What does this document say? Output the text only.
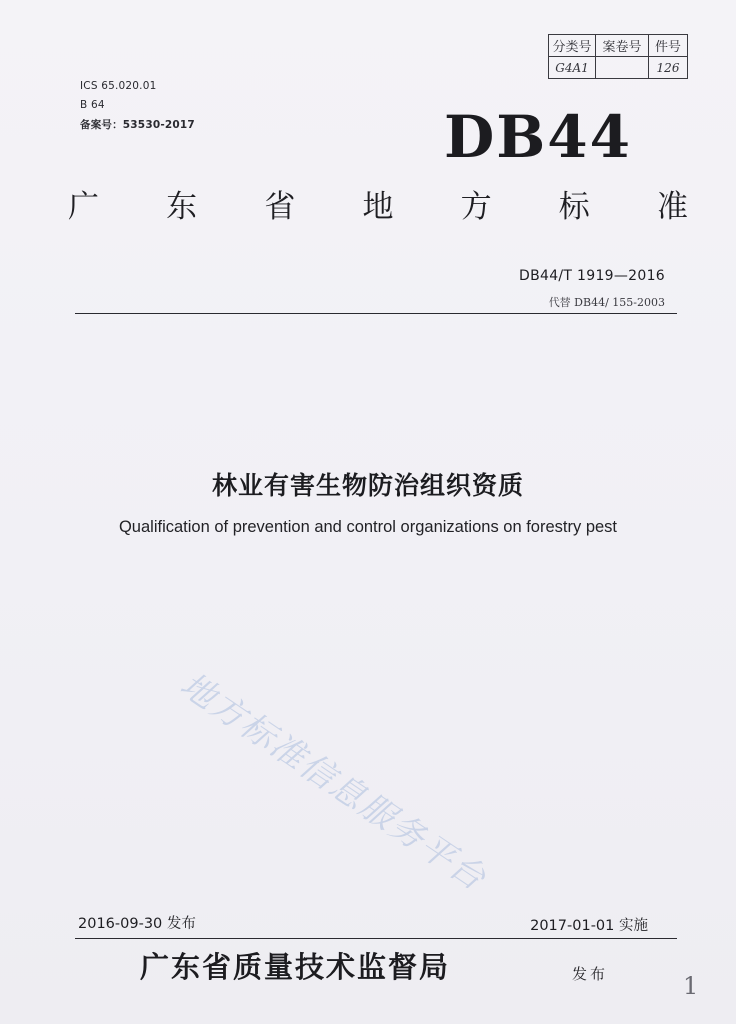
分类号	案卷号	件号
G4A1		126
ICS 65.020.01
B 64
备案号：53530-2017	DB44
广 东 省 地 方 标 准
DB44/T 1919—2016
代替 DB44/ 155-2003
林业有害生物防治组织资质
Qualification of prevention and control organizations on forestry pest
地方标准信息服务平台
2016-09-30 发布	2017-01-01 实施
广东省质量技术监督局	发布	1
